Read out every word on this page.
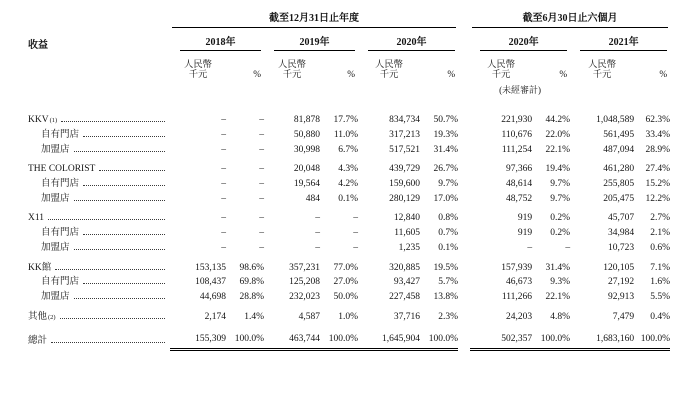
	截至12月31日止年度							截至6月30日止六個月			

收益	2018年		2019年		2020年			2020年		2021年	

人民幣
千元	%	
人民幣
千元	%	
人民幣
千元	%		
人民幣
千元	%	
人民幣
千元	%
								(未經審計)			

KKV (1)	–	–	81,878	17.7%	834,734	50.7%		221,930	44.2%	1,048,589	62.3%

自有門店	–	–	50,880	11.0%	317,213	19.3%		110,676	22.0%	561,495	33.4%

加盟店	–	–	30,998	6.7%	517,521	31.4%		111,254	22.1%	487,094	28.9%

THE COLORIST	–	–	20,048	4.3%	439,729	26.7%		97,366	19.4%	461,280	27.4%

自有門店	–	–	19,564	4.2%	159,600	9.7%		48,614	9.7%	255,805	15.2%

加盟店	–	–	484	0.1%	280,129	17.0%		48,752	9.7%	205,475	12.2%

X11	–	–	–	–	12,840	0.8%		919	0.2%	45,707	2.7%

自有門店	–	–	–	–	11,605	0.7%		919	0.2%	34,984	2.1%

加盟店	–	–	–	–	1,235	0.1%		–	–	10,723	0.6%

KK館	153,135	98.6%	357,231	77.0%	320,885	19.5%		157,939	31.4%	120,105	7.1%

自有門店	108,437	69.8%	125,208	27.0%	93,427	5.7%		46,673	9.3%	27,192	1.6%

加盟店	44,698	28.8%	232,023	50.0%	227,458	13.8%		111,266	22.1%	92,913	5.5%

其他 (2)	2,174	1.4%	4,587	1.0%	37,716	2.3%		24,203	4.8%	7,479	0.4%

總計	155,309	100.0%	463,744	100.0%	1,645,904	100.0%		502,357	100.0%	1,683,160	100.0%
